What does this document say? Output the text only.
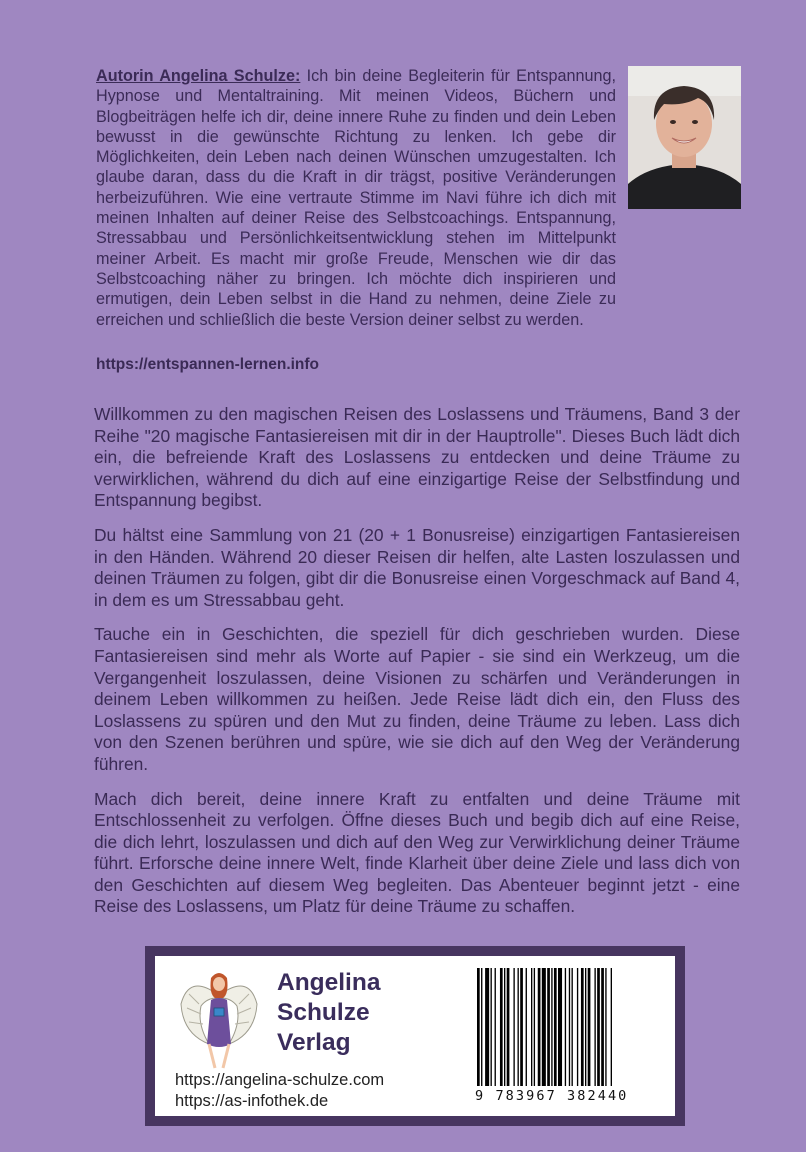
Autorin Angelina Schulze: Ich bin deine Begleiterin für Entspannung, Hypnose und Mentaltraining. Mit meinen Videos, Büchern und Blogbeiträgen helfe ich dir, deine innere Ruhe zu finden und dein Leben bewusst in die gewünschte Richtung zu lenken. Ich gebe dir Möglichkeiten, dein Leben nach deinen Wünschen umzugestalten. Ich glaube daran, dass du die Kraft in dir trägst, positive Veränderungen herbeizuführen. Wie eine vertraute Stimme im Navi führe ich dich mit meinen Inhalten auf deiner Reise des Selbstcoachings. Entspannung, Stressabbau und Persönlichkeitsentwicklung stehen im Mittelpunkt meiner Arbeit. Es macht mir große Freude, Menschen wie dir das Selbstcoaching näher zu bringen. Ich möchte dich inspirieren und ermutigen, dein Leben selbst in die Hand zu nehmen, deine Ziele zu erreichen und schließlich die beste Version deiner selbst zu werden.
https://entspannen-lernen.info

Willkommen zu den magischen Reisen des Loslassens und Träumens, Band 3 der Reihe "20 magische Fantasiereisen mit dir in der Hauptrolle". Dieses Buch lädt dich ein, die befreiende Kraft des Loslassens zu entdecken und deine Träume zu verwirklichen, während du dich auf eine einzigartige Reise der Selbstfindung und Entspannung begibst.

Du hältst eine Sammlung von 21 (20 + 1 Bonusreise) einzigartigen Fantasiereisen in den Händen. Während 20 dieser Reisen dir helfen, alte Lasten loszulassen und deinen Träumen zu folgen, gibt dir die Bonusreise einen Vorgeschmack auf Band 4, in dem es um Stressabbau geht.

Tauche ein in Geschichten, die speziell für dich geschrieben wurden. Diese Fantasiereisen sind mehr als Worte auf Papier - sie sind ein Werkzeug, um die Vergangenheit loszulassen, deine Visionen zu schärfen und Veränderungen in deinem Leben willkommen zu heißen. Jede Reise lädt dich ein, den Fluss des Loslassens zu spüren und den Mut zu finden, deine Träume zu leben. Lass dich von den Szenen berühren und spüre, wie sie dich auf den Weg der Veränderung führen.

Mach dich bereit, deine innere Kraft zu entfalten und deine Träume mit Entschlossenheit zu verfolgen. Öffne dieses Buch und begib dich auf eine Reise, die dich lehrt, loszulassen und dich auf den Weg zur Verwirklichung deiner Träume führt. Erforsche deine innere Welt, finde Klarheit über deine Ziele und lass dich von den Geschichten auf diesem Weg begleiten. Das Abenteuer beginnt jetzt - eine Reise des Loslassens, um Platz für deine Träume zu schaffen.

Angelina
Schulze
Verlag
https://angelina-schulze.com
https://as-infothek.de	9 783967 382440
